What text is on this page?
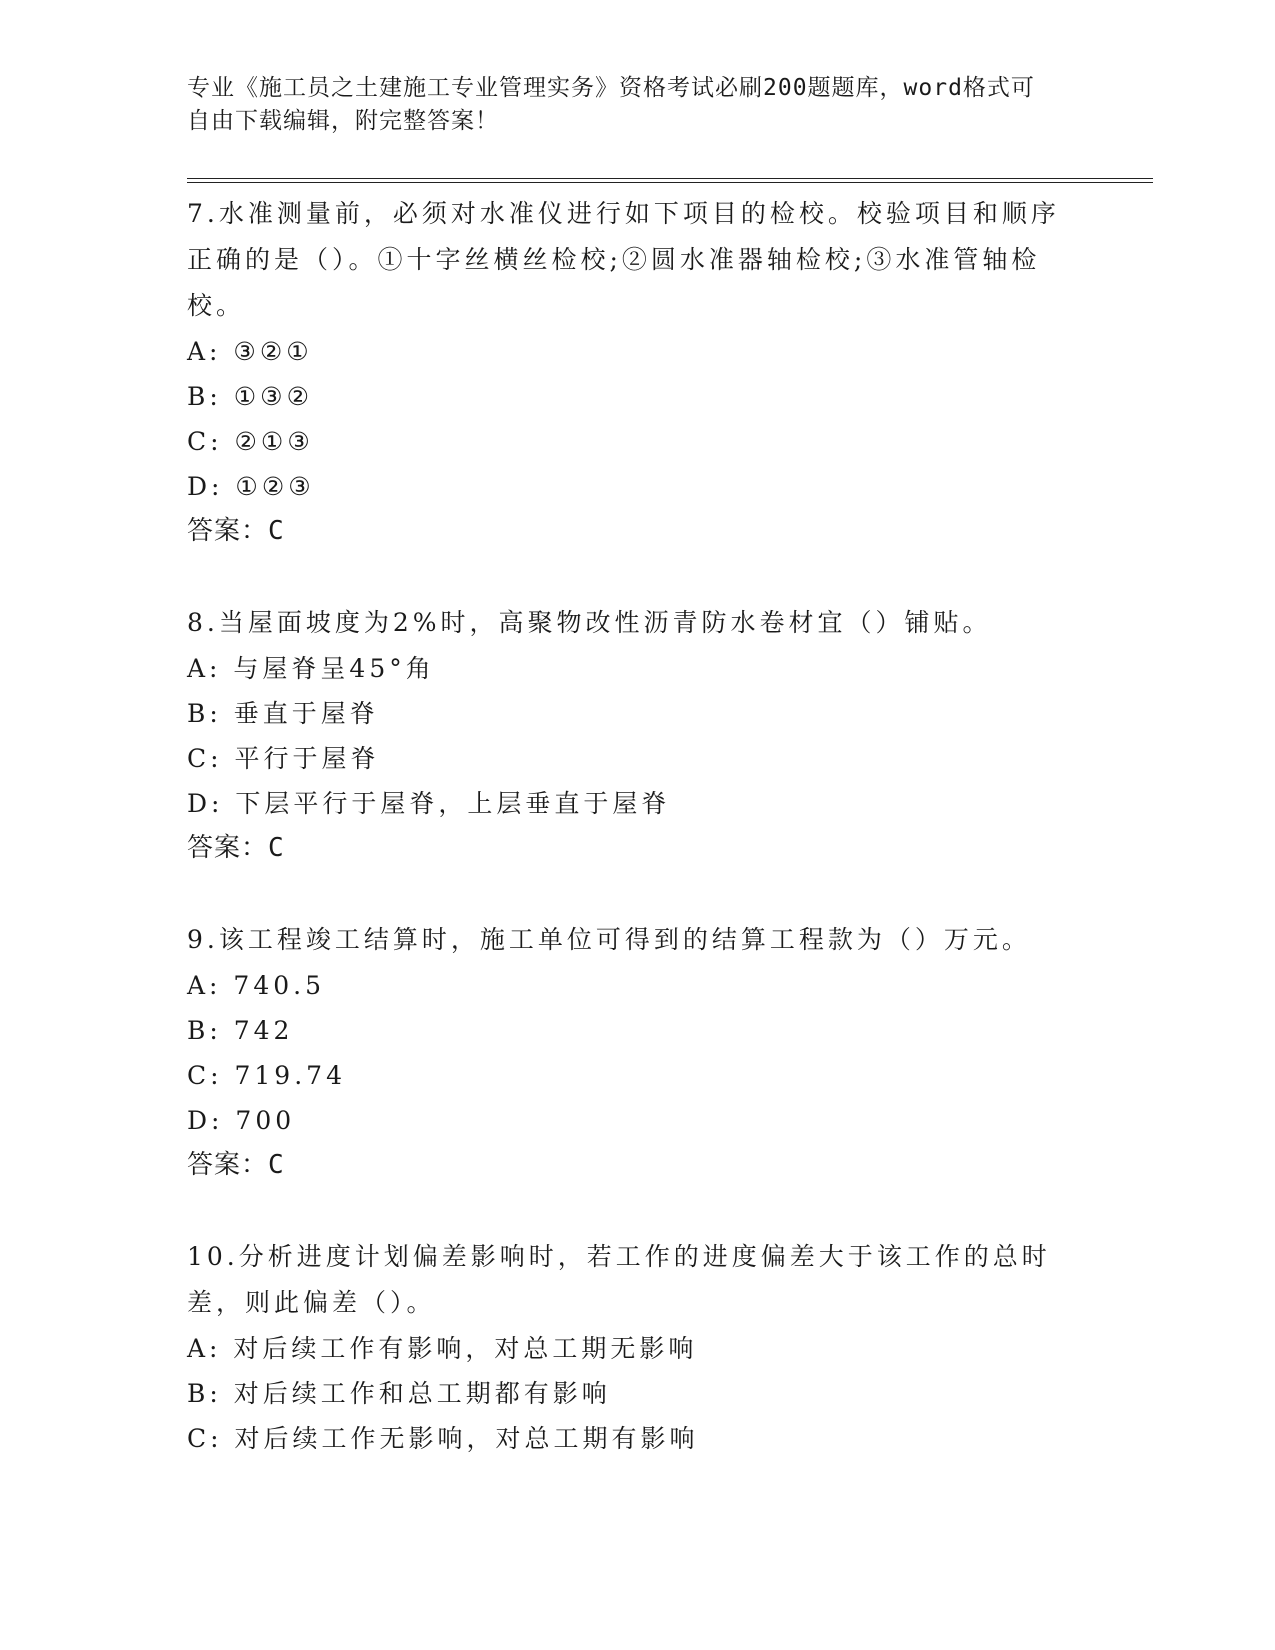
专业《施工员之土建施工专业管理实务》资格考试必刷200题题库，word格式可
自由下载编辑，附完整答案！

7.水准测量前，必须对水准仪进行如下项目的检校。校验项目和顺序正确的是（）。①十字丝横丝检校;②圆水准器轴检校;③水准管轴检校。

A: ③②①

B: ①③②

C: ②①③

D: ①②③

答案：C

8.当屋面坡度为2%时，高聚物改性沥青防水卷材宜（）铺贴。

A: 与屋脊呈45°角

B: 垂直于屋脊

C: 平行于屋脊

D: 下层平行于屋脊，上层垂直于屋脊

答案：C

9.该工程竣工结算时，施工单位可得到的结算工程款为（）万元。

A: 740.5

B: 742

C: 719.74

D: 700

答案：C

10.分析进度计划偏差影响时，若工作的进度偏差大于该工作的总时差，则此偏差（）。

A: 对后续工作有影响，对总工期无影响

B: 对后续工作和总工期都有影响

C: 对后续工作无影响，对总工期有影响
